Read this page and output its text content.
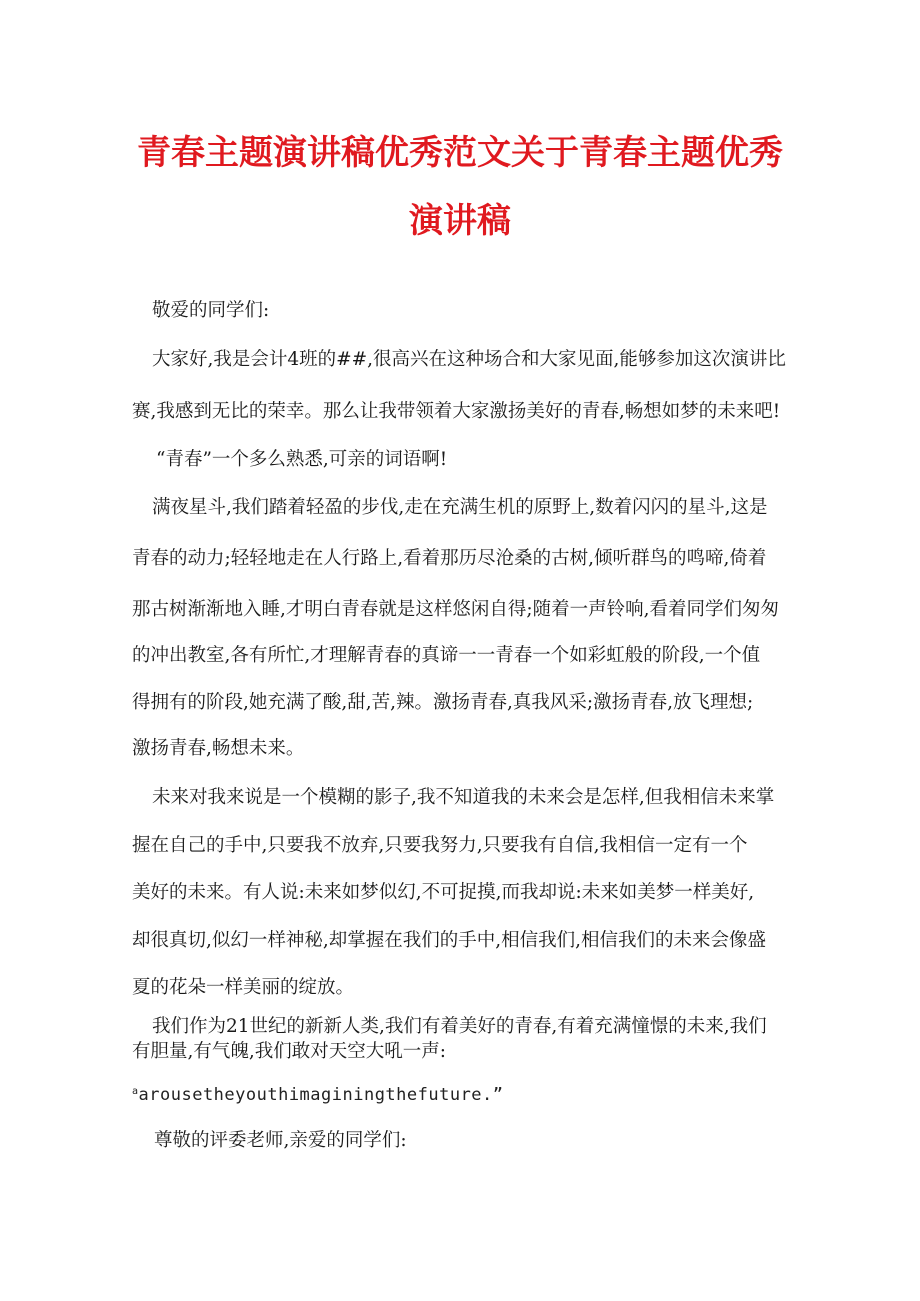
青春主题演讲稿优秀范文关于青春主题优秀
演讲稿
敬爱的同学们:
大家好,我是会计4班的##,很高兴在这种场合和大家见面,能够参加这次演讲比
赛,我感到无比的荣幸。那么让我带领着大家激扬美好的青春,畅想如梦的未来吧!
“青春”一个多么熟悉,可亲的词语啊!
满夜星斗,我们踏着轻盈的步伐,走在充满生机的原野上,数着闪闪的星斗,这是
青春的动力;轻轻地走在人行路上,看着那历尽沧桑的古树,倾听群鸟的鸣啼,倚着
那古树渐渐地入睡,才明白青春就是这样悠闲自得;随着一声铃响,看着同学们匆匆
的冲出教室,各有所忙,才理解青春的真谛一一青春一个如彩虹般的阶段,一个值
得拥有的阶段,她充满了酸,甜,苦,辣。激扬青春,真我风采;激扬青春,放飞理想;
激扬青春,畅想未来。
未来对我来说是一个模糊的影子,我不知道我的未来会是怎样,但我相信未来掌
握在自己的手中,只要我不放弃,只要我努力,只要我有自信,我相信一定有一个
美好的未来。有人说:未来如梦似幻,不可捉摸,而我却说:未来如美梦一样美好,
却很真切,似幻一样神秘,却掌握在我们的手中,相信我们,相信我们的未来会像盛
夏的花朵一样美丽的绽放。
我们作为21世纪的新新人类,我们有着美好的青春,有着充满憧憬的未来,我们
有胆量,有气魄,我们敢对天空大吼一声:
$^a$arousetheyouthimaginingthefuture.”
尊敬的评委老师,亲爱的同学们:
